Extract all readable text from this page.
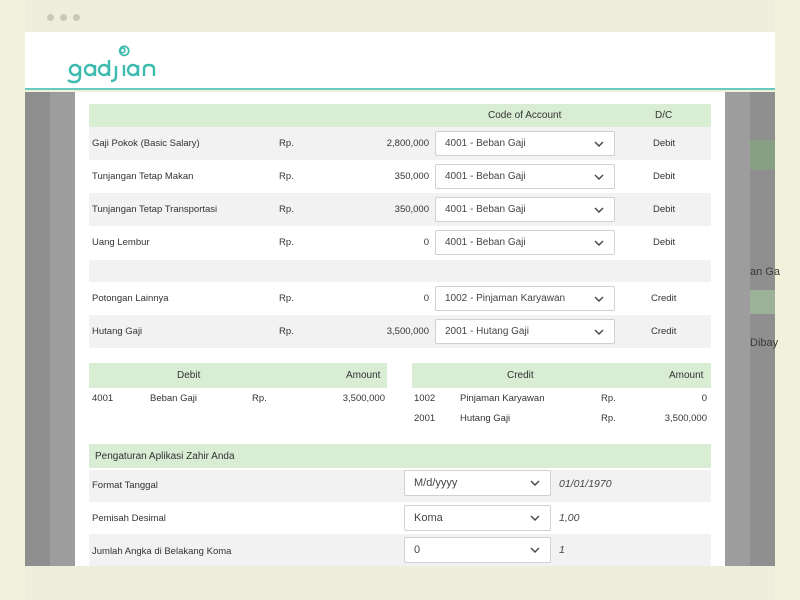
an Ga
Dibay
Code of Account	D/C
Gaji Pokok (Basic Salary)	Rp.	2,800,000 4001 - Beban Gaji	Debit
Tunjangan Tetap Makan	Rp.	350,000 4001 - Beban Gaji	Debit
Tunjangan Tetap Transportasi	Rp.	350,000 4001 - Beban Gaji	Debit
Uang Lembur	Rp.	0 4001 - Beban Gaji	Debit
Potongan Lainnya	Rp.	0 1002 - Pinjaman Karyawan	Credit
Hutang Gaji	Rp.	3,500,000 2001 - Hutang Gaji	Credit
Debit	Amount
4001	Beban Gaji	Rp.	3,500,000
Credit	Amount
1002	Pinjaman Karyawan	Rp.	0
2001	Hutang Gaji	Rp.	3,500,000
Pengaturan Aplikasi Zahir Anda
Format Tanggal	M/d/yyyy	01/01/1970
Pemisah Desimal	Koma	1,00
Jumlah Angka di Belakang Koma	0	1
